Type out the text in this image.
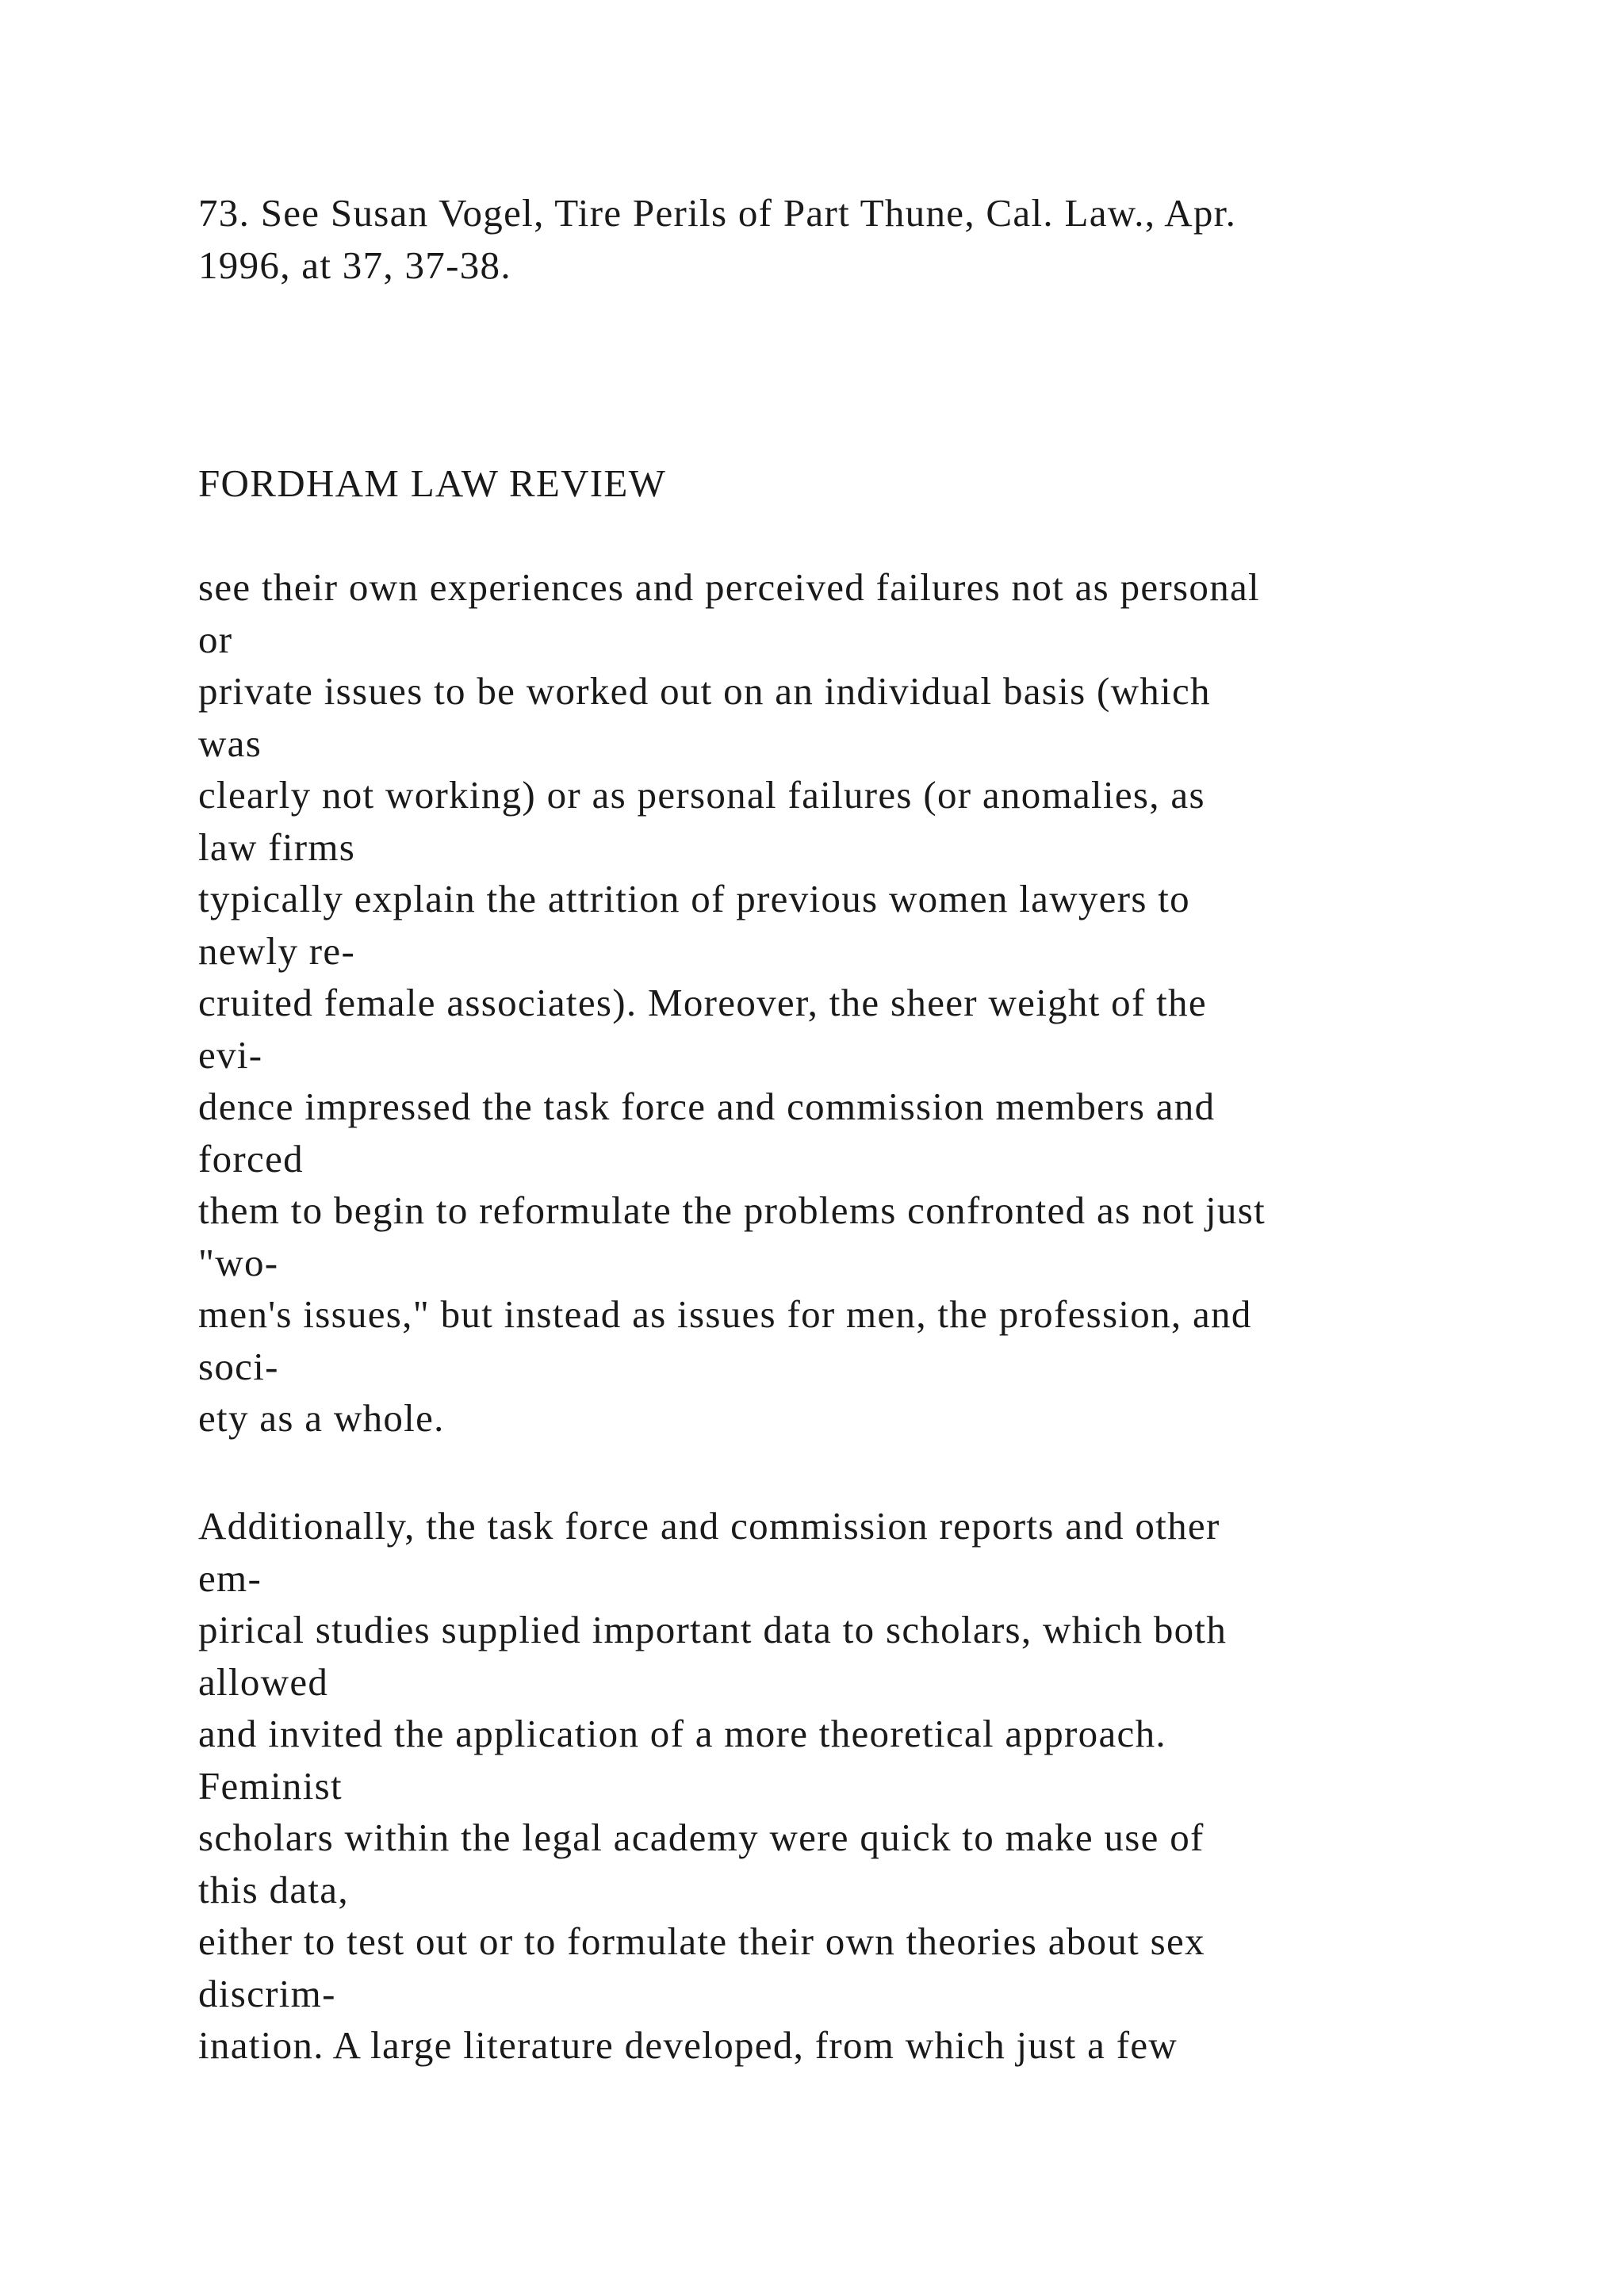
73. See Susan Vogel, Tire Perils of Part Thune, Cal. Law., Apr.
1996, at 37, 37-38.
FORDHAM LAW REVIEW
see their own experiences and perceived failures not as personal
or
private issues to be worked out on an individual basis (which
was
clearly not working) or as personal failures (or anomalies, as
law firms
typically explain the attrition of previous women lawyers to
newly re-
cruited female associates). Moreover, the sheer weight of the
evi-
dence impressed the task force and commission members and
forced
them to begin to reformulate the problems confronted as not just
"wo-
men's issues," but instead as issues for men, the profession, and
soci-
ety as a whole.
Additionally, the task force and commission reports and other
em-
pirical studies supplied important data to scholars, which both
allowed
and invited the application of a more theoretical approach.
Feminist
scholars within the legal academy were quick to make use of
this data,
either to test out or to formulate their own theories about sex
discrim-
ination. A large literature developed, from which just a few
